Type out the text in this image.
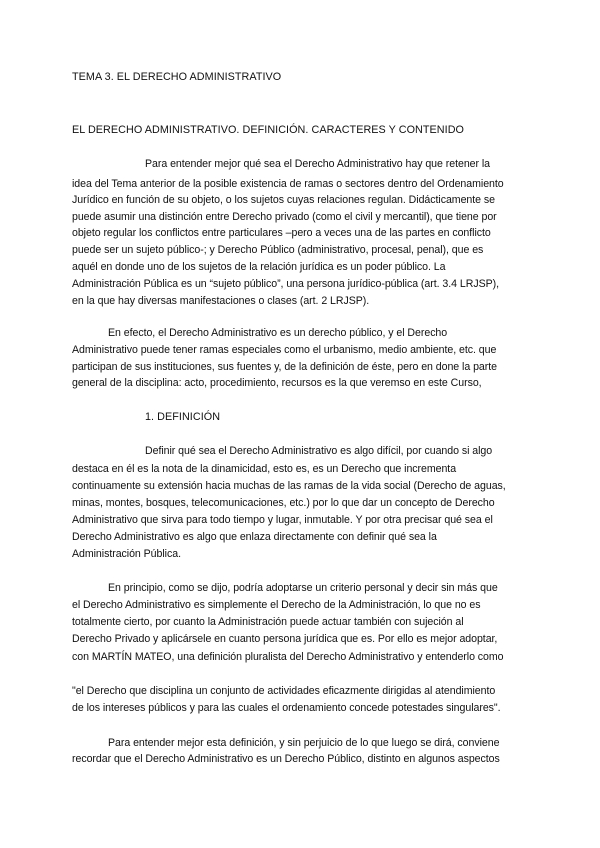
TEMA 3. EL DERECHO ADMINISTRATIVO
EL DERECHO ADMINISTRATIVO. DEFINICIÓN. CARACTERES Y CONTENIDO
Para entender mejor qué sea el Derecho Administrativo hay que retener la
idea del Tema anterior de la posible existencia de ramas o sectores dentro del Ordenamiento
Jurídico en función de su objeto, o los sujetos cuyas relaciones regulan. Didácticamente se
puede asumir una distinción entre Derecho privado (como el civil y mercantil), que tiene por
objeto regular los conflictos entre particulares –pero a veces una de las partes en conflicto
puede ser un sujeto público-; y Derecho Público (administrativo, procesal, penal), que es
aquél en donde uno de los sujetos de la relación jurídica es un poder público. La
Administración Pública es un “sujeto público”, una persona jurídico-pública (art. 3.4 LRJSP),
en la que hay diversas manifestaciones o clases (art. 2 LRJSP).
En efecto, el Derecho Administrativo es un derecho público, y el Derecho
Administrativo puede tener ramas especiales como el urbanismo, medio ambiente, etc. que
participan de sus instituciones, sus fuentes y, de la definición de éste, pero en done la parte
general de la disciplina: acto, procedimiento, recursos es la que veremso en este Curso,
1. DEFINICIÓN
Definir qué sea el Derecho Administrativo es algo difícil, por cuando si algo
destaca en él es la nota de la dinamicidad, esto es, es un Derecho que incrementa
continuamente su extensión hacia muchas de las ramas de la vida social (Derecho de aguas,
minas, montes, bosques, telecomunicaciones, etc.) por lo que dar un concepto de Derecho
Administrativo que sirva para todo tiempo y lugar, inmutable. Y por otra precisar qué sea el
Derecho Administrativo es algo que enlaza directamente con definir qué sea la
Administración Pública.
En principio, como se dijo, podría adoptarse un criterio personal y decir sin más que
el Derecho Administrativo es simplemente el Derecho de la Administración, lo que no es
totalmente cierto, por cuanto la Administración puede actuar también con sujeción al
Derecho Privado y aplicársele en cuanto persona jurídica que es. Por ello es mejor adoptar,
con MARTÍN MATEO, una definición pluralista del Derecho Administrativo y entenderlo como
"el Derecho que disciplina un conjunto de actividades eficazmente dirigidas al atendimiento
de los intereses públicos y para las cuales el ordenamiento concede potestades singulares".
Para entender mejor esta definición, y sin perjuicio de lo que luego se dirá, conviene
recordar que el Derecho Administrativo es un Derecho Público, distinto en algunos aspectos
